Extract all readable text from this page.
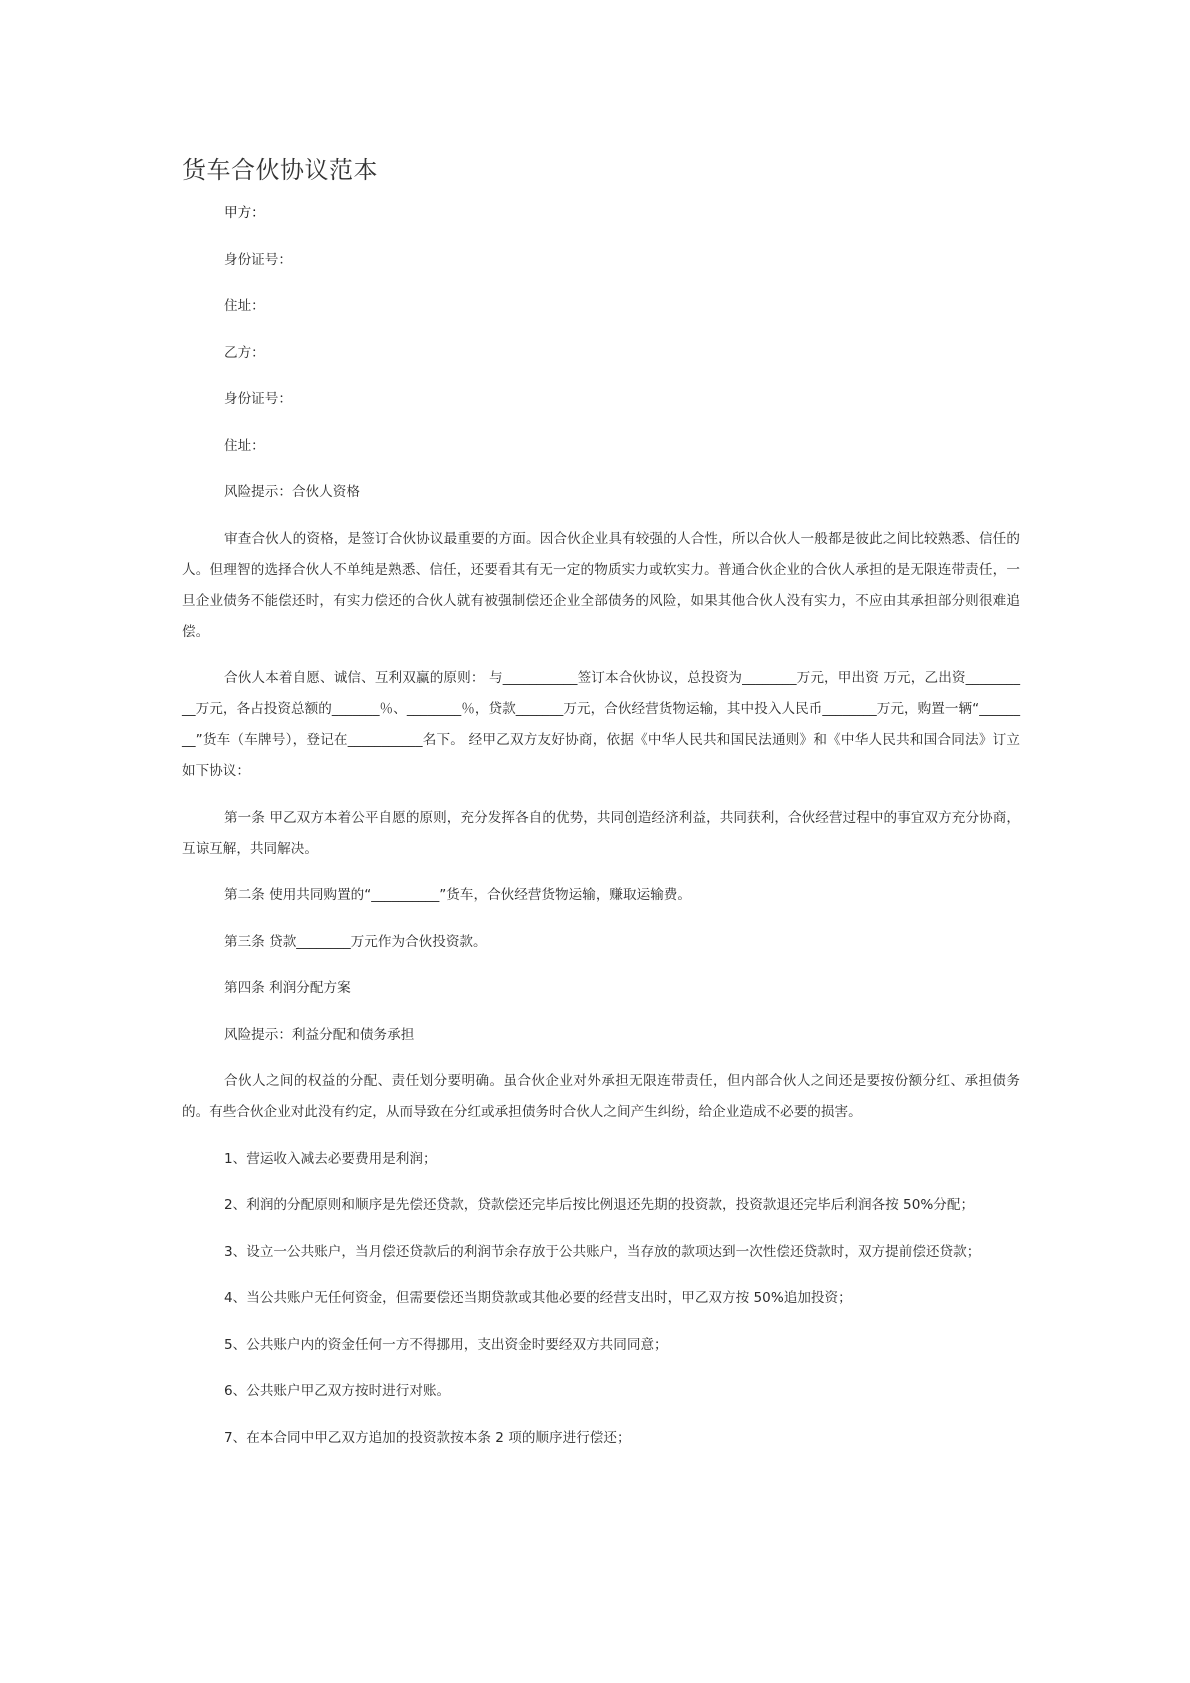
货车合伙协议范本

甲方：

身份证号：

住址：

乙方：

身份证号：

住址：

风险提示：合伙人资格

审查合伙人的资格，是签订合伙协议最重要的方面。因合伙企业具有较强的人合性，所以合伙人一般都是彼此之间比较熟悉、信任的人。但理智的选择合伙人不单纯是熟悉、信任，还要看其有无一定的物质实力或软实力。普通合伙企业的合伙人承担的是无限连带责任，一旦企业债务不能偿还时，有实力偿还的合伙人就有被强制偿还企业全部债务的风险，如果其他合伙人没有实力，不应由其承担部分则很难追偿。

合伙人本着自愿、诚信、互利双赢的原则： 与___________签订本合伙协议，总投资为________万元，甲出资 万元，乙出资__________万元，各占投资总额的_______％、________％，贷款_______万元，合伙经营货物运输，其中投入人民币________万元，购置一辆“________”货车（车牌号），登记在___________名下。 经甲乙双方友好协商，依据《中华人民共和国民法通则》和《中华人民共和国合同法》订立如下协议：

第一条 甲乙双方本着公平自愿的原则，充分发挥各自的优势，共同创造经济利益，共同获利，合伙经营过程中的事宜双方充分协商，互谅互解，共同解决。

第二条 使用共同购置的“__________”货车，合伙经营货物运输，赚取运输费。

第三条 贷款________万元作为合伙投资款。

第四条 利润分配方案

风险提示：利益分配和债务承担

合伙人之间的权益的分配、责任划分要明确。虽合伙企业对外承担无限连带责任，但内部合伙人之间还是要按份额分红、承担债务的。有些合伙企业对此没有约定，从而导致在分红或承担债务时合伙人之间产生纠纷，给企业造成不必要的损害。

1、营运收入减去必要费用是利润；

2、利润的分配原则和顺序是先偿还贷款，贷款偿还完毕后按比例退还先期的投资款，投资款退还完毕后利润各按 50%分配；

3、设立一公共账户，当月偿还贷款后的利润节余存放于公共账户，当存放的款项达到一次性偿还贷款时，双方提前偿还贷款；

4、当公共账户无任何资金，但需要偿还当期贷款或其他必要的经营支出时，甲乙双方按 50%追加投资；

5、公共账户内的资金任何一方不得挪用，支出资金时要经双方共同同意；

6、公共账户甲乙双方按时进行对账。

7、在本合同中甲乙双方追加的投资款按本条 2 项的顺序进行偿还；
